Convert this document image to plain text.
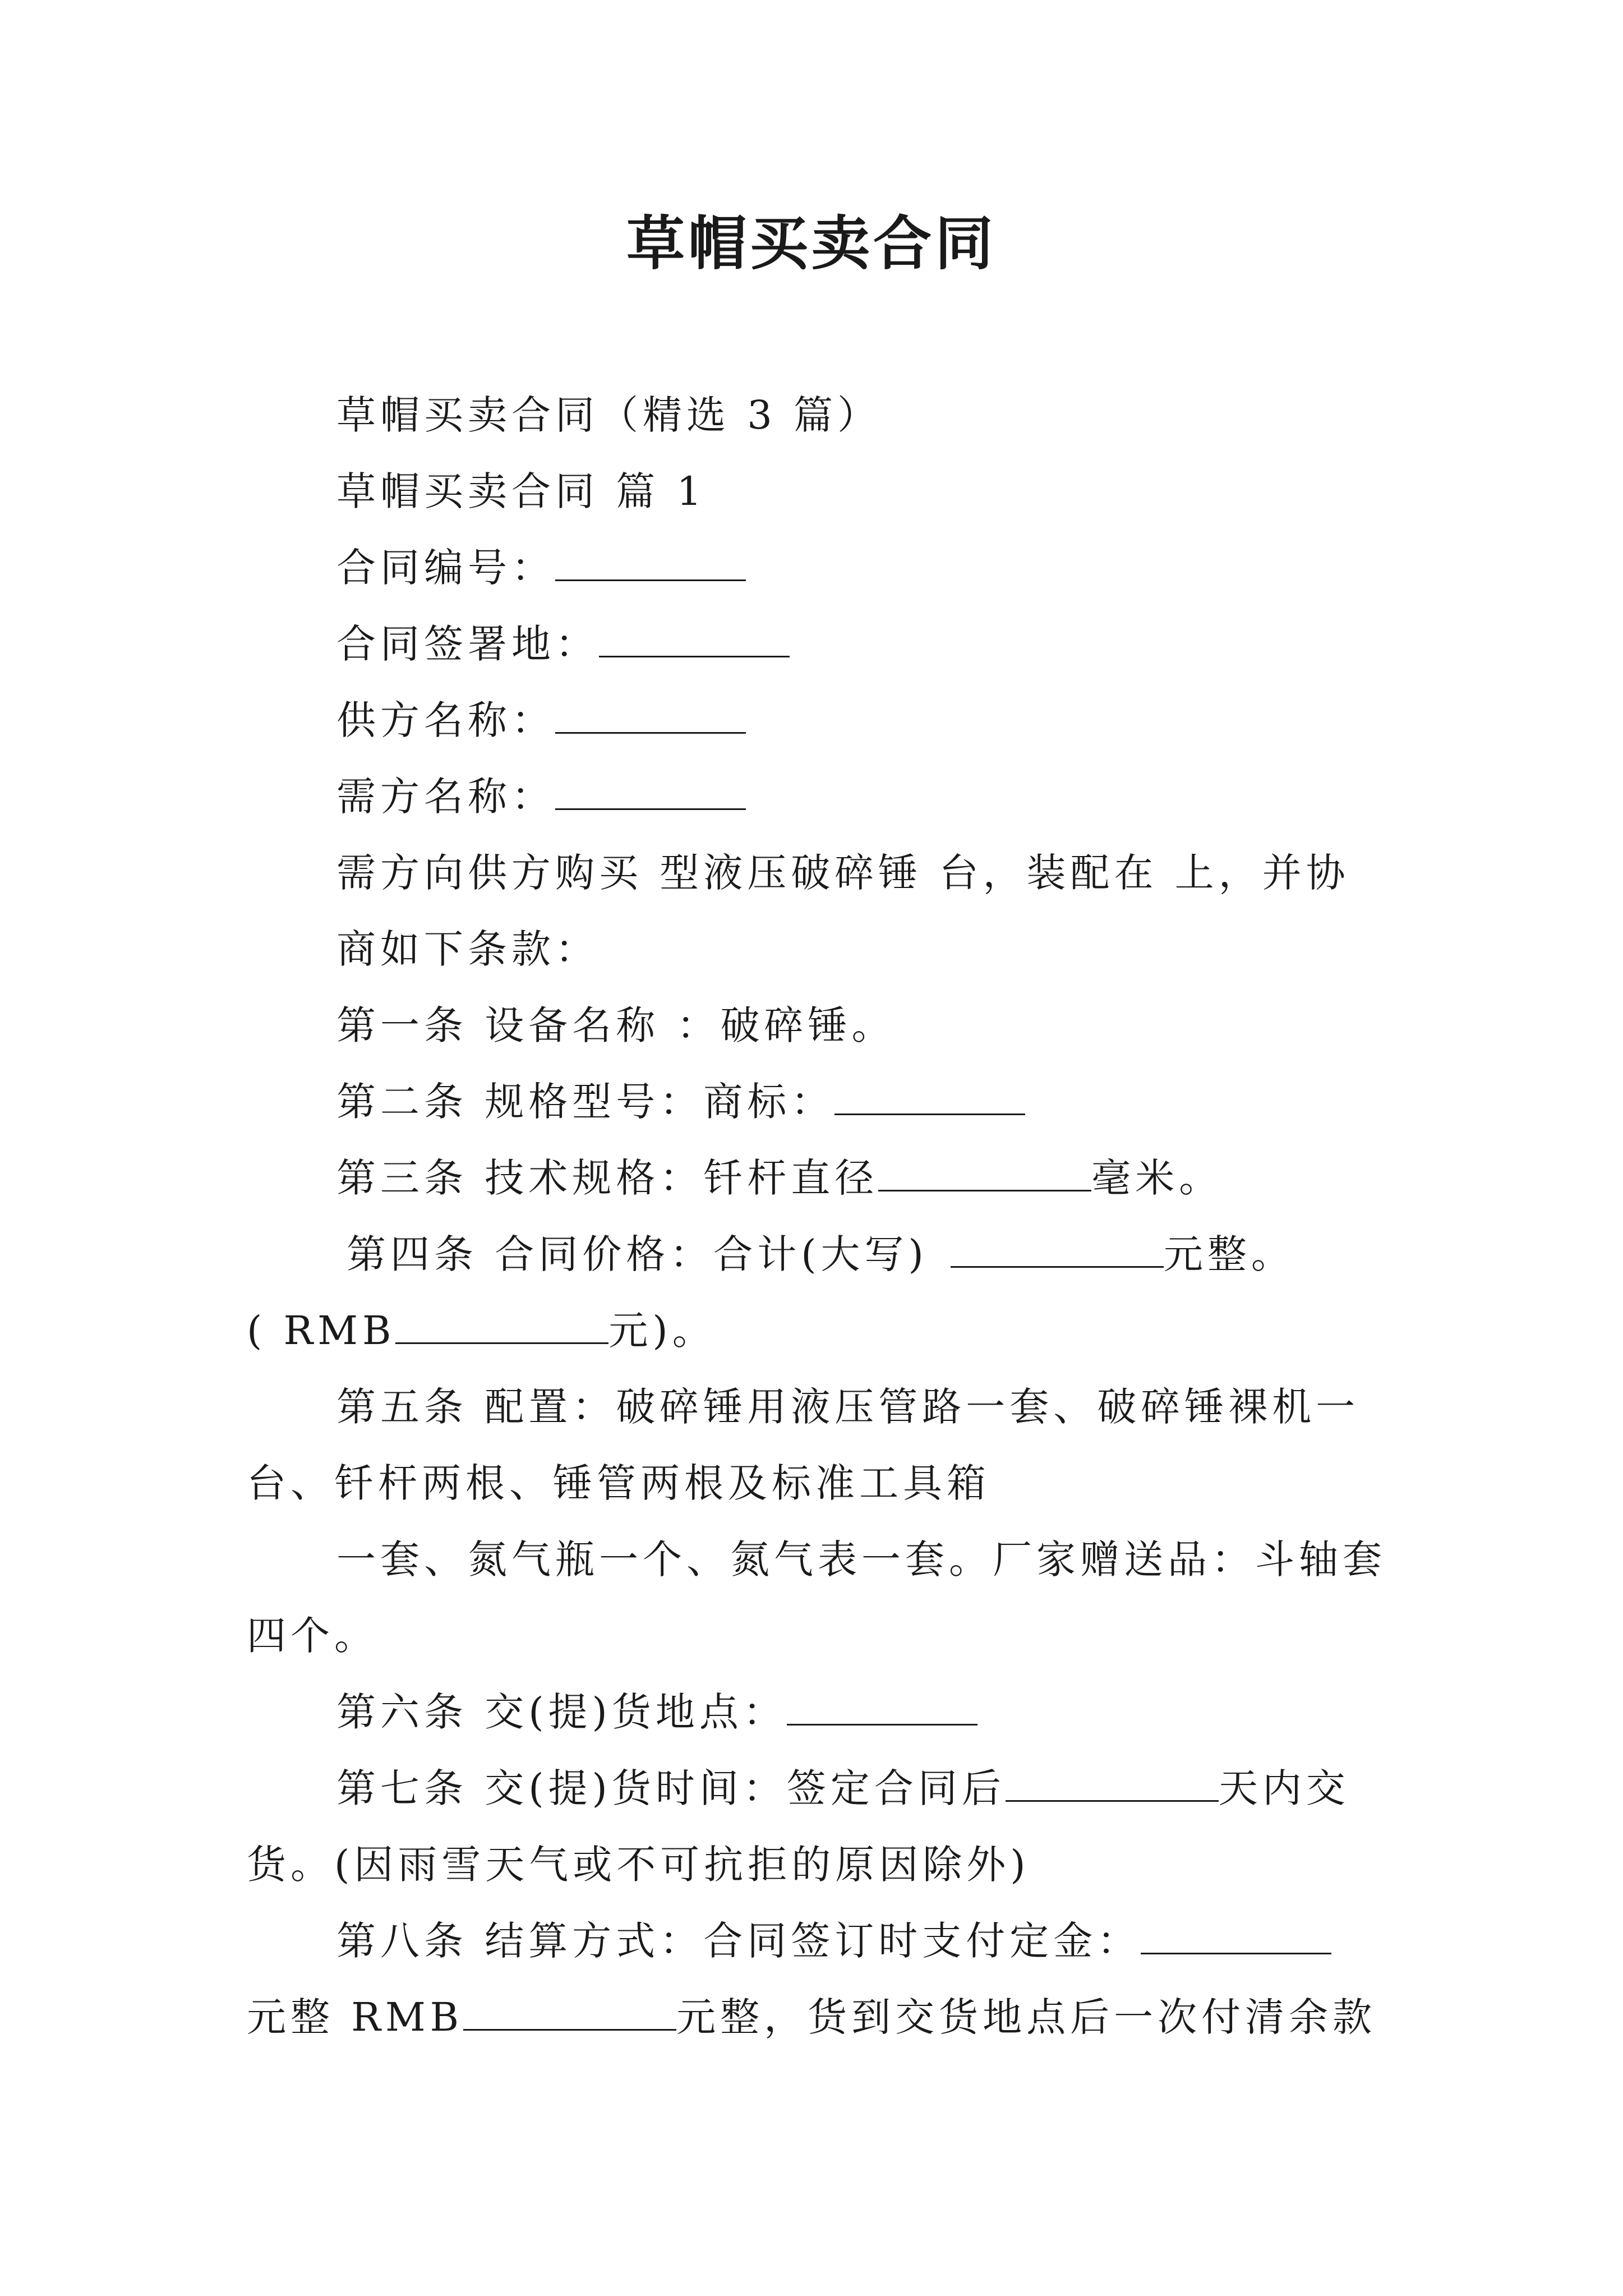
草帽买卖合同
草帽买卖合同（精选 3 篇）
草帽买卖合同 篇 1
合同编号：
合同签署地：
供方名称：
需方名称：
需方向供方购买 型液压破碎锤 台，装配在 上，并协
商如下条款：
第一条 设备名称 ：破碎锤。
第二条 规格型号：商标：
第三条 技术规格：钎杆直径	毫米。
第四条 合同价格：合计(大写)	元整。
( RMB	元)。
第五条 配置：破碎锤用液压管路一套、破碎锤裸机一
台、钎杆两根、锤管两根及标准工具箱
一套、氮气瓶一个、氮气表一套。厂家赠送品：斗轴套
四个。
第六条 交(提)货地点：
第七条 交(提)货时间：签定合同后	天内交
货。(因雨雪天气或不可抗拒的原因除外)
第八条 结算方式：合同签订时支付定金：
元整 RMB	元整，货到交货地点后一次付清余款
